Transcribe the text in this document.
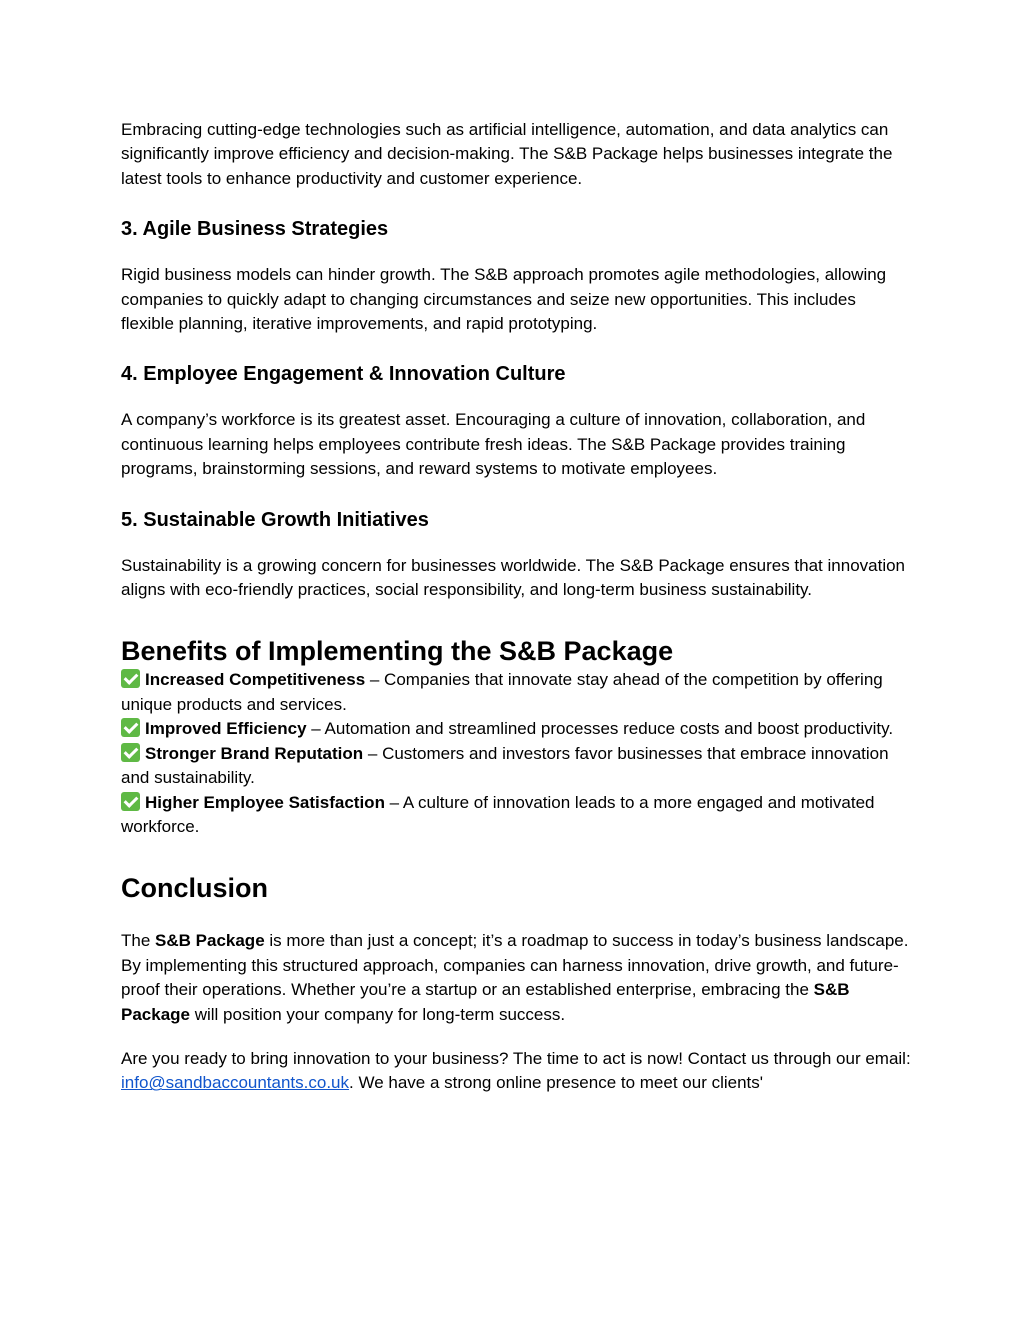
Embracing cutting-edge technologies such as artificial intelligence, automation, and data analytics can significantly improve efficiency and decision-making. The S&B Package helps businesses integrate the latest tools to enhance productivity and customer experience.

3. Agile Business Strategies

Rigid business models can hinder growth. The S&B approach promotes agile methodologies, allowing companies to quickly adapt to changing circumstances and seize new opportunities. This includes flexible planning, iterative improvements, and rapid prototyping.

4. Employee Engagement & Innovation Culture

A company’s workforce is its greatest asset. Encouraging a culture of innovation, collaboration, and continuous learning helps employees contribute fresh ideas. The S&B Package provides training programs, brainstorming sessions, and reward systems to motivate employees.

5. Sustainable Growth Initiatives

Sustainability is a growing concern for businesses worldwide. The S&B Package ensures that innovation aligns with eco-friendly practices, social responsibility, and long-term business sustainability.

Benefits of Implementing the S&B Package
Increased Competitiveness – Companies that innovate stay ahead of the competition by offering unique products and services.
Improved Efficiency – Automation and streamlined processes reduce costs and boost productivity.
Stronger Brand Reputation – Customers and investors favor businesses that embrace innovation and sustainability.
Higher Employee Satisfaction – A culture of innovation leads to a more engaged and motivated workforce.
Conclusion

The S&B Package is more than just a concept; it’s a roadmap to success in today’s business landscape. By implementing this structured approach, companies can harness innovation, drive growth, and future-proof their operations. Whether you’re a startup or an established enterprise, embracing the S&B Package will position your company for long-term success.

Are you ready to bring innovation to your business? The time to act is now! Contact us through our email: info@sandbaccountants.co.uk. We have a strong online presence to meet our clients'
